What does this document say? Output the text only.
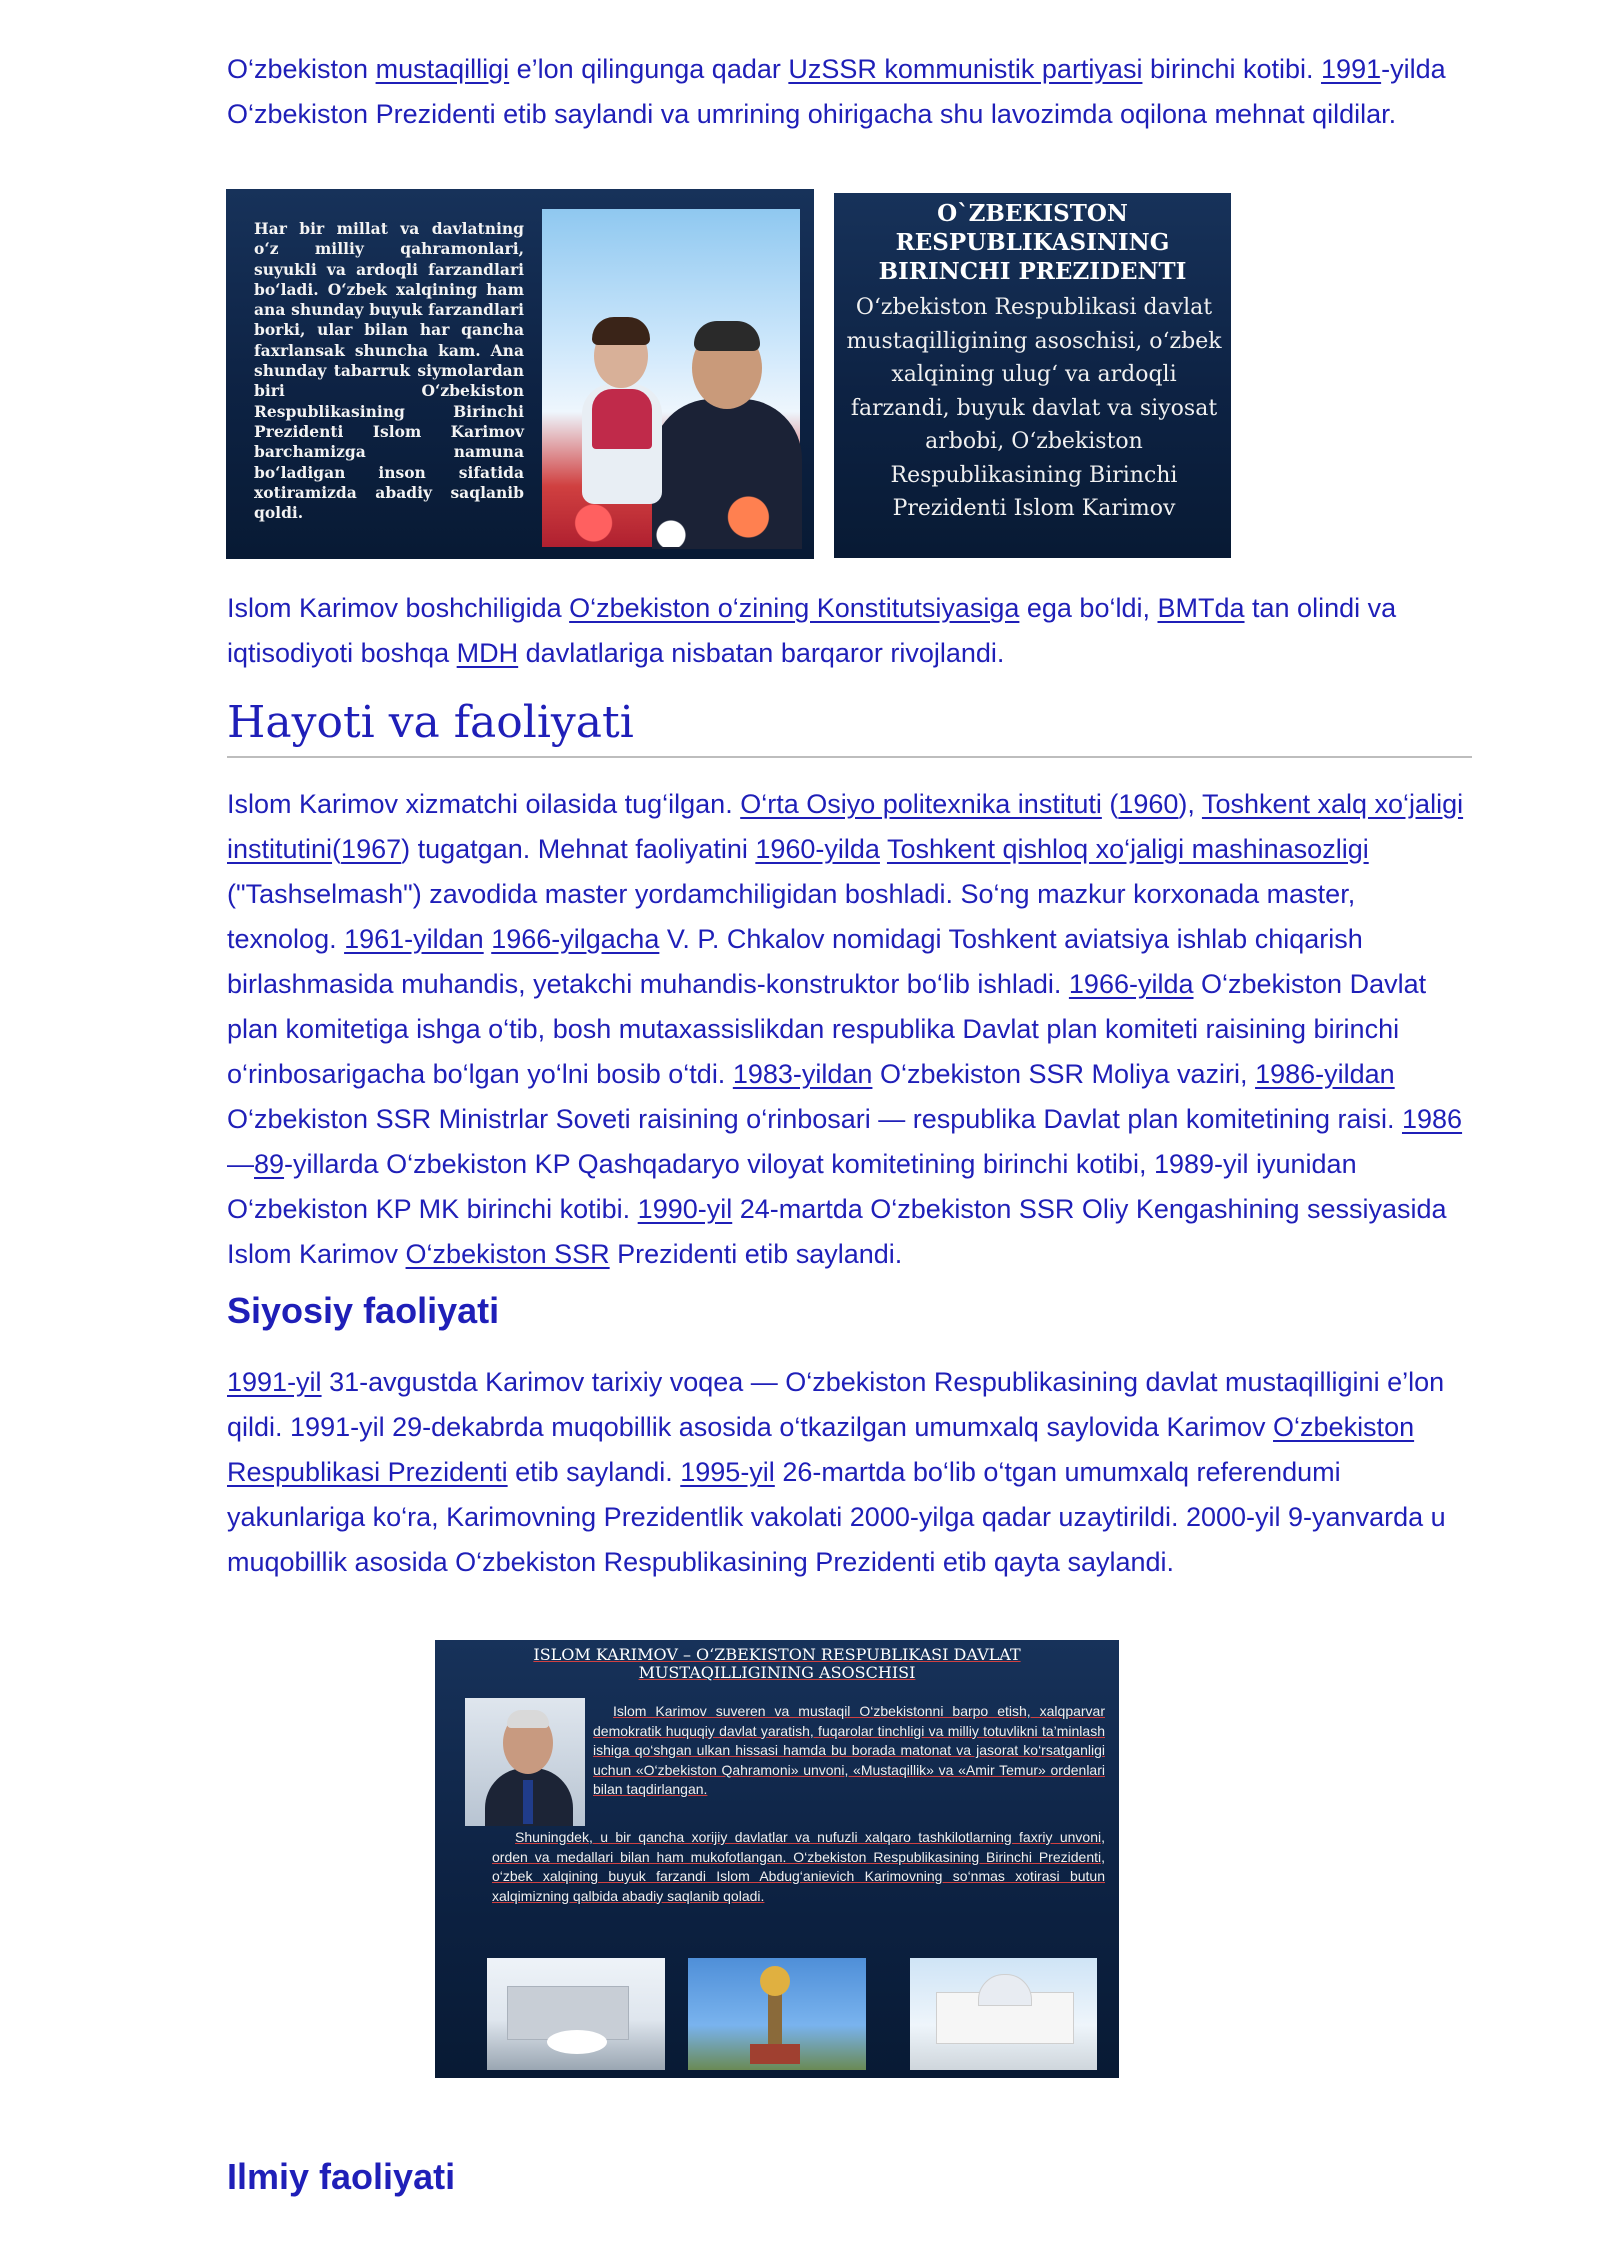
O‘zbekiston mustaqilligi e’lon qilingunga qadar UzSSR kommunistik partiyasi birinchi kotibi. 1991-yilda O‘zbekiston Prezidenti etib saylandi va umrining ohirigacha shu lavozimda oqilona mehnat qildilar.

Har bir millat va davlatning o‘z milliy qahramonlari, suyukli va ardoqli farzandlari bo‘ladi. O‘zbek xalqining ham ana shunday buyuk farzandlari borki, ular bilan har qancha faxrlansak shuncha kam. Ana shunday tabarruk siymolardan biri O‘zbekiston Respublikasining Birinchi Prezidenti Islom Karimov barchamizga namuna bo‘ladigan inson sifatida xotiramizda abadiy saqlanib qoldi.
O`ZBEKISTON
RESPUBLIKASINING
BIRINCHI PREZIDENTI
O‘zbekiston Respublikasi davlat mustaqilligining asoschisi, o‘zbek xalqining ulug‘ va ardoqli farzandi, buyuk davlat va siyosat arbobi, O‘zbekiston Respublikasining Birinchi Prezidenti Islom Karimov

Islom Karimov boshchiligida O‘zbekiston o‘zining Konstitutsiyasiga ega bo‘ldi, BMTda tan olindi va iqtisodiyoti boshqa MDH davlatlariga nisbatan barqaror rivojlandi.

Hayoti va faoliyati

Islom Karimov xizmatchi oilasida tug‘ilgan. O‘rta Osiyo politexnika instituti (1960), Toshkent xalq xo‘jaligi institutini(1967) tugatgan. Mehnat faoliyatini 1960-yilda Toshkent qishloq xo‘jaligi mashinasozligi ("Tashselmash") zavodida master yordamchiligidan boshladi. So‘ng mazkur korxonada master, texnolog. 1961-yildan 1966-yilgacha V. P. Chkalov nomidagi Toshkent aviatsiya ishlab chiqarish birlashmasida muhandis, yetakchi muhandis-konstruktor bo‘lib ishladi. 1966-yilda O‘zbekiston Davlat plan komitetiga ishga o‘tib, bosh mutaxassislikdan respublika Davlat plan komiteti raisining birinchi o‘rinbosarigacha bo‘lgan yo‘lni bosib o‘tdi. 1983-yildan O‘zbekiston SSR Moliya vaziri, 1986-yildan O‘zbekiston SSR Ministrlar Soveti raisining o‘rinbosari — respublika Davlat plan komitetining raisi. 1986—89-yillarda O‘zbekiston KP Qashqadaryo viloyat komitetining birinchi kotibi, 1989-yil iyunidan O‘zbekiston KP MK birinchi kotibi. 1990-yil 24-martda O‘zbekiston SSR Oliy Kengashining sessiyasida Islom Karimov O‘zbekiston SSR Prezidenti etib saylandi.

Siyosiy faoliyati

1991-yil 31-avgustda Karimov tarixiy voqea — O‘zbekiston Respublikasining davlat mustaqilligini e’lon qildi. 1991-yil 29-dekabrda muqobillik asosida o‘tkazilgan umumxalq saylovida Karimov O‘zbekiston Respublikasi Prezidenti etib saylandi. 1995-yil 26-martda bo‘lib o‘tgan umumxalq referendumi yakunlariga ko‘ra, Karimovning Prezidentlik vakolati 2000-yilga qadar uzaytirildi. 2000-yil 9-yanvarda u muqobillik asosida O‘zbekiston Respublikasining Prezidenti etib qayta saylandi.

ISLOM KARIMOV – O‘ZBEKISTON RESPUBLIKASI DAVLAT
MUSTAQILLIGINING ASOSCHISI
Islom Karimov suveren va mustaqil O‘zbekistonni barpo etish, xalqparvar demokratik huquqiy davlat yaratish, fuqarolar tinchligi va milliy totuvlikni ta’minlash ishiga qo‘shgan ulkan hissasi hamda bu borada matonat va jasorat ko‘rsatganligi uchun «O‘zbekiston Qahramoni» unvoni, «Mustaqillik» va «Amir Temur» ordenlari bilan taqdirlangan.
Shuningdek, u bir qancha xorijiy davlatlar va nufuzli xalqaro tashkilotlarning faxriy unvoni, orden va medallari bilan ham mukofotlangan. O‘zbekiston Respublikasining Birinchi Prezidenti, o‘zbek xalqining buyuk farzandi Islom Abdug‘anievich Karimovning so‘nmas xotirasi butun xalqimizning qalbida abadiy saqlanib qoladi.
Ilmiy faoliyati
